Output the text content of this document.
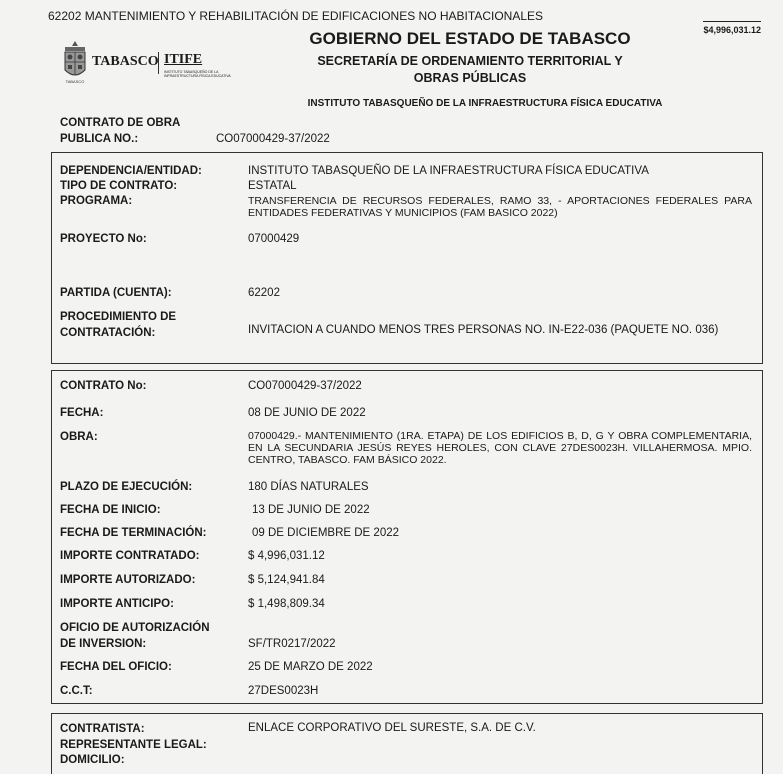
62202 MANTENIMIENTO Y REHABILITACIÓN DE EDIFICACIONES NO HABITACIONALES
$4,996,031.12
TABASCO
TABASCO ITIFE
INSTITUTO TABASQUEÑO DE LA INFRAESTRUCTURA FÍSICA EDUCATIVA
GOBIERNO DEL ESTADO DE TABASCO
SECRETARÍA DE ORDENAMIENTO TERRITORIAL Y
OBRAS PÚBLICAS
INSTITUTO TABASQUEÑO DE LA INFRAESTRUCTURA FÍSICA EDUCATIVA
CONTRATO DE OBRA
PUBLICA NO.:	CO07000429-37/2022
DEPENDENCIA/ENTIDAD:	INSTITUTO TABASQUEÑO DE LA INFRAESTRUCTURA FÍSICA EDUCATIVA
TIPO DE CONTRATO:	ESTATAL
PROGRAMA:	TRANSFERENCIA DE RECURSOS FEDERALES, RAMO 33, - APORTACIONES FEDERALES PARA ENTIDADES FEDERATIVAS Y MUNICIPIOS (FAM BASICO 2022)
PROYECTO No:	07000429
PARTIDA (CUENTA):	62202
PROCEDIMIENTO DE
CONTRATACIÓN:	INVITACION A CUANDO MENOS TRES PERSONAS NO. IN-E22-036 (PAQUETE NO. 036)
CONTRATO No:	CO07000429-37/2022
FECHA:	08 DE JUNIO DE 2022
OBRA:	07000429.- MANTENIMIENTO (1RA. ETAPA) DE LOS EDIFICIOS B, D, G Y OBRA COMPLEMENTARIA, EN LA SECUNDARIA JESÚS REYES HEROLES, CON CLAVE 27DES0023H. VILLAHERMOSA. MPIO. CENTRO, TABASCO. FAM BÁSICO 2022.
PLAZO DE EJECUCIÓN:	180 DÍAS NATURALES
FECHA DE INICIO:	13 DE JUNIO DE 2022
FECHA DE TERMINACIÓN:	09 DE DICIEMBRE DE 2022
IMPORTE CONTRATADO:	$ 4,996,031.12
IMPORTE AUTORIZADO:	$ 5,124,941.84
IMPORTE ANTICIPO:	$ 1,498,809.34
OFICIO DE AUTORIZACIÓN
DE INVERSION:	SF/TR0217/2022
FECHA DEL OFICIO:	25 DE MARZO DE 2022
C.C.T:	27DES0023H
CONTRATISTA:	ENLACE CORPORATIVO DEL SURESTE, S.A. DE C.V.
REPRESENTANTE LEGAL:
DOMICILIO:
